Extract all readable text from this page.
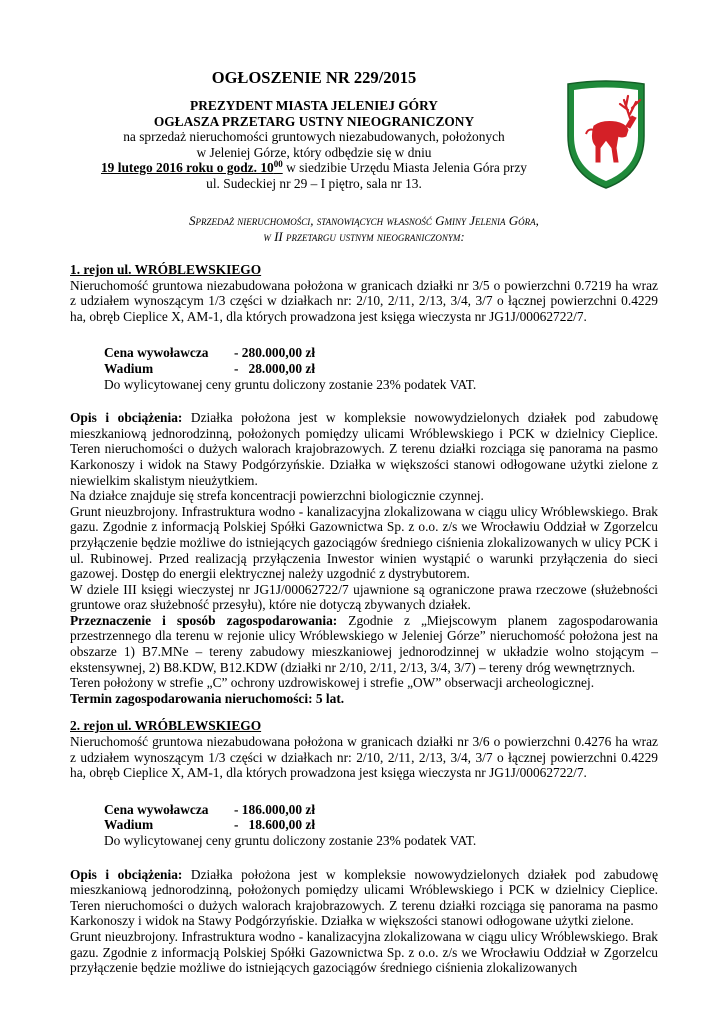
OGŁOSZENIE NR 229/2015
PREZYDENT MIASTA JELENIEJ GÓRY
OGŁASZA PRZETARG USTNY NIEOGRANICZONY
na sprzedaż nieruchomości gruntowych niezabudowanych, położonych
w Jeleniej Górze, który odbędzie się w dniu
19 lutego 2016 roku o godz. $10^{00}$ w siedzibie Urzędu Miasta Jelenia Góra przy
ul. Sudeckiej nr 29 – I piętro, sala nr 13.
Sprzedaż nieruchomości, stanowiących własność Gminy Jelenia Góra,
w II przetargu ustnym nieograniczonym:
1. rejon ul. WRÓBLEWSKIEGO

Nieruchomość gruntowa niezabudowana położona w granicach działki nr 3/5 o powierzchni 0.7219 ha wraz z udziałem wynoszącym 1/3 części w działkach nr: 2/10, 2/11, 2/13, 3/4, 3/7 o łącznej powierzchni 0.4229 ha, obręb Cieplice X, AM-1, dla których prowadzona jest księga wieczysta nr JG1J/00062722/7.

Cena wywoławcza	- 280.000,00 zł
Wadium	-   28.000,00 zł
Do wylicytowanej ceny gruntu doliczony zostanie 23% podatek VAT.

Opis i obciążenia: Działka położona jest w kompleksie nowowydzielonych działek pod zabudowę mieszkaniową jednorodzinną, położonych pomiędzy ulicami Wróblewskiego i PCK w dzielnicy Cieplice. Teren nieruchomości o dużych walorach krajobrazowych. Z terenu działki rozciąga się panorama na pasmo Karkonoszy i widok na Stawy Podgórzyńskie. Działka w większości stanowi odłogowane użytki zielone z niewielkim skalistym nieużytkiem.

Na działce znajduje się strefa koncentracji powierzchni biologicznie czynnej.

Grunt nieuzbrojony. Infrastruktura wodno - kanalizacyjna zlokalizowana w ciągu ulicy Wróblewskiego. Brak gazu. Zgodnie z informacją Polskiej Spółki Gazownictwa Sp. z o.o. z/s we Wrocławiu Oddział w Zgorzelcu przyłączenie będzie możliwe do istniejących gazociągów średniego ciśnienia zlokalizowanych w ulicy PCK i ul. Rubinowej. Przed realizacją przyłączenia Inwestor winien wystąpić o warunki przyłączenia do sieci gazowej. Dostęp do energii elektrycznej należy uzgodnić z dystrybutorem.

W dziele III księgi wieczystej nr JG1J/00062722/7 ujawnione są ograniczone prawa rzeczowe (służebności gruntowe oraz służebność przesyłu), które nie dotyczą zbywanych działek.

Przeznaczenie i sposób zagospodarowania: Zgodnie z „Miejscowym planem zagospodarowania przestrzennego dla terenu w rejonie ulicy Wróblewskiego w Jeleniej Górze” nieruchomość położona jest na obszarze 1) B7.MNe – tereny zabudowy mieszkaniowej jednorodzinnej w układzie wolno stojącym – ekstensywnej, 2) B8.KDW, B12.KDW (działki nr 2/10, 2/11, 2/13, 3/4, 3/7) – tereny dróg wewnętrznych.

Teren położony w strefie „C” ochrony uzdrowiskowej i strefie „OW” obserwacji archeologicznej.

Termin zagospodarowania nieruchomości: 5 lat.

2. rejon ul. WRÓBLEWSKIEGO

Nieruchomość gruntowa niezabudowana położona w granicach działki nr 3/6 o powierzchni 0.4276 ha wraz z udziałem wynoszącym 1/3 części w działkach nr: 2/10, 2/11, 2/13, 3/4, 3/7 o łącznej powierzchni 0.4229 ha, obręb Cieplice X, AM-1, dla których prowadzona jest księga wieczysta nr JG1J/00062722/7.

Cena wywoławcza	- 186.000,00 zł
Wadium	-   18.600,00 zł
Do wylicytowanej ceny gruntu doliczony zostanie 23% podatek VAT.

Opis i obciążenia: Działka położona jest w kompleksie nowowydzielonych działek pod zabudowę mieszkaniową jednorodzinną, położonych pomiędzy ulicami Wróblewskiego i PCK w dzielnicy Cieplice. Teren nieruchomości o dużych walorach krajobrazowych. Z terenu działki rozciąga się panorama na pasmo Karkonoszy i widok na Stawy Podgórzyńskie. Działka w większości stanowi odłogowane użytki zielone.

Grunt nieuzbrojony. Infrastruktura wodno - kanalizacyjna zlokalizowana w ciągu ulicy Wróblewskiego. Brak gazu. Zgodnie z informacją Polskiej Spółki Gazownictwa Sp. z o.o. z/s we Wrocławiu Oddział w Zgorzelcu przyłączenie będzie możliwe do istniejących gazociągów średniego ciśnienia zlokalizowanych
